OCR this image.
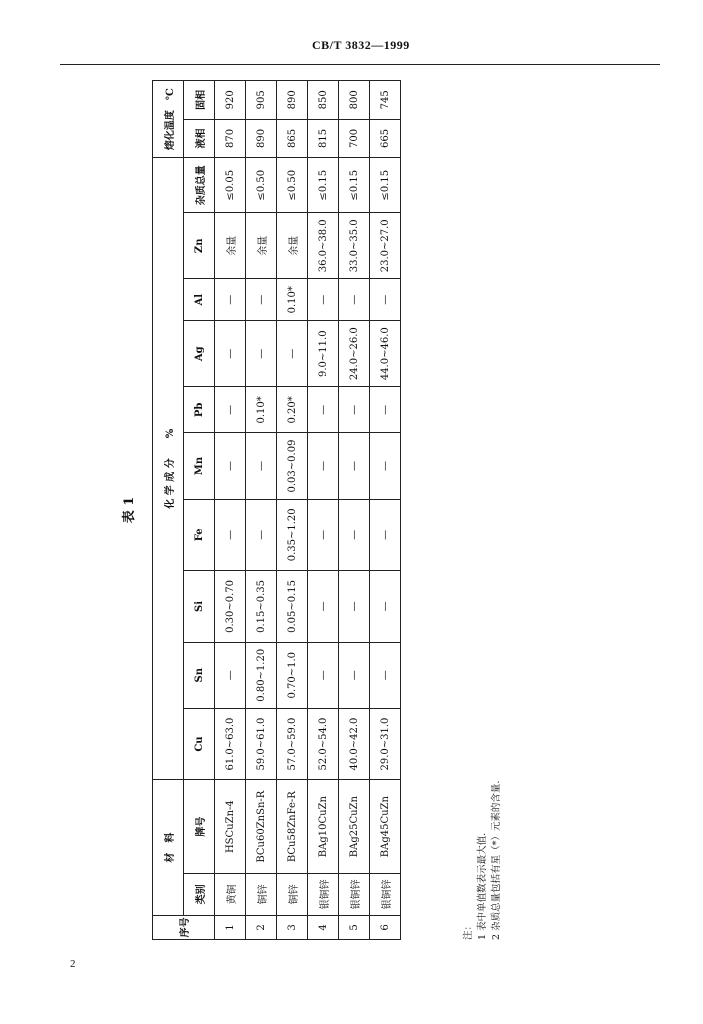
CB/T 3832—1999
表 1
序号	材　料		化 学 成 分　　%										熔化温度　℃	
	类别	牌号	Cu	Sn	Si	Fe	Mn	Pb	Ag	Al	Zn	杂质总量	液相	固相
1	黄铜	HSCuZn-4	61.0~63.0	—	0.30~0.70	—	—	—	—	—	余量	≤0.05	870	920
2	铜锌	BCu60ZnSn-R	59.0~61.0	0.80~1.20	0.15~0.35	—	—	0.10*	—	—	余量	≤0.50	890	905
3	铜锌	BCu58ZnFe-R	57.0~59.0	0.70~1.0	0.05~0.15	0.35~1.20	0.03~0.09	0.20*	—	0.10*	余量	≤0.50	865	890
4	银铜锌	BAg10CuZn	52.0~54.0	—	—	—	—	—	9.0~11.0	—	36.0~38.0	≤0.15	815	850
5	银铜锌	BAg25CuZn	40.0~42.0	—	—	—	—	—	24.0~26.0	—	33.0~35.0	≤0.15	700	800
6	银铜锌	BAg45CuZn	29.0~31.0	—	—	—	—	—	44.0~46.0	—	23.0~27.0	≤0.15	665	745
注： 1 表中单值数表示最大值. 2 杂质总量包括有星（*）元素的含量.
2
